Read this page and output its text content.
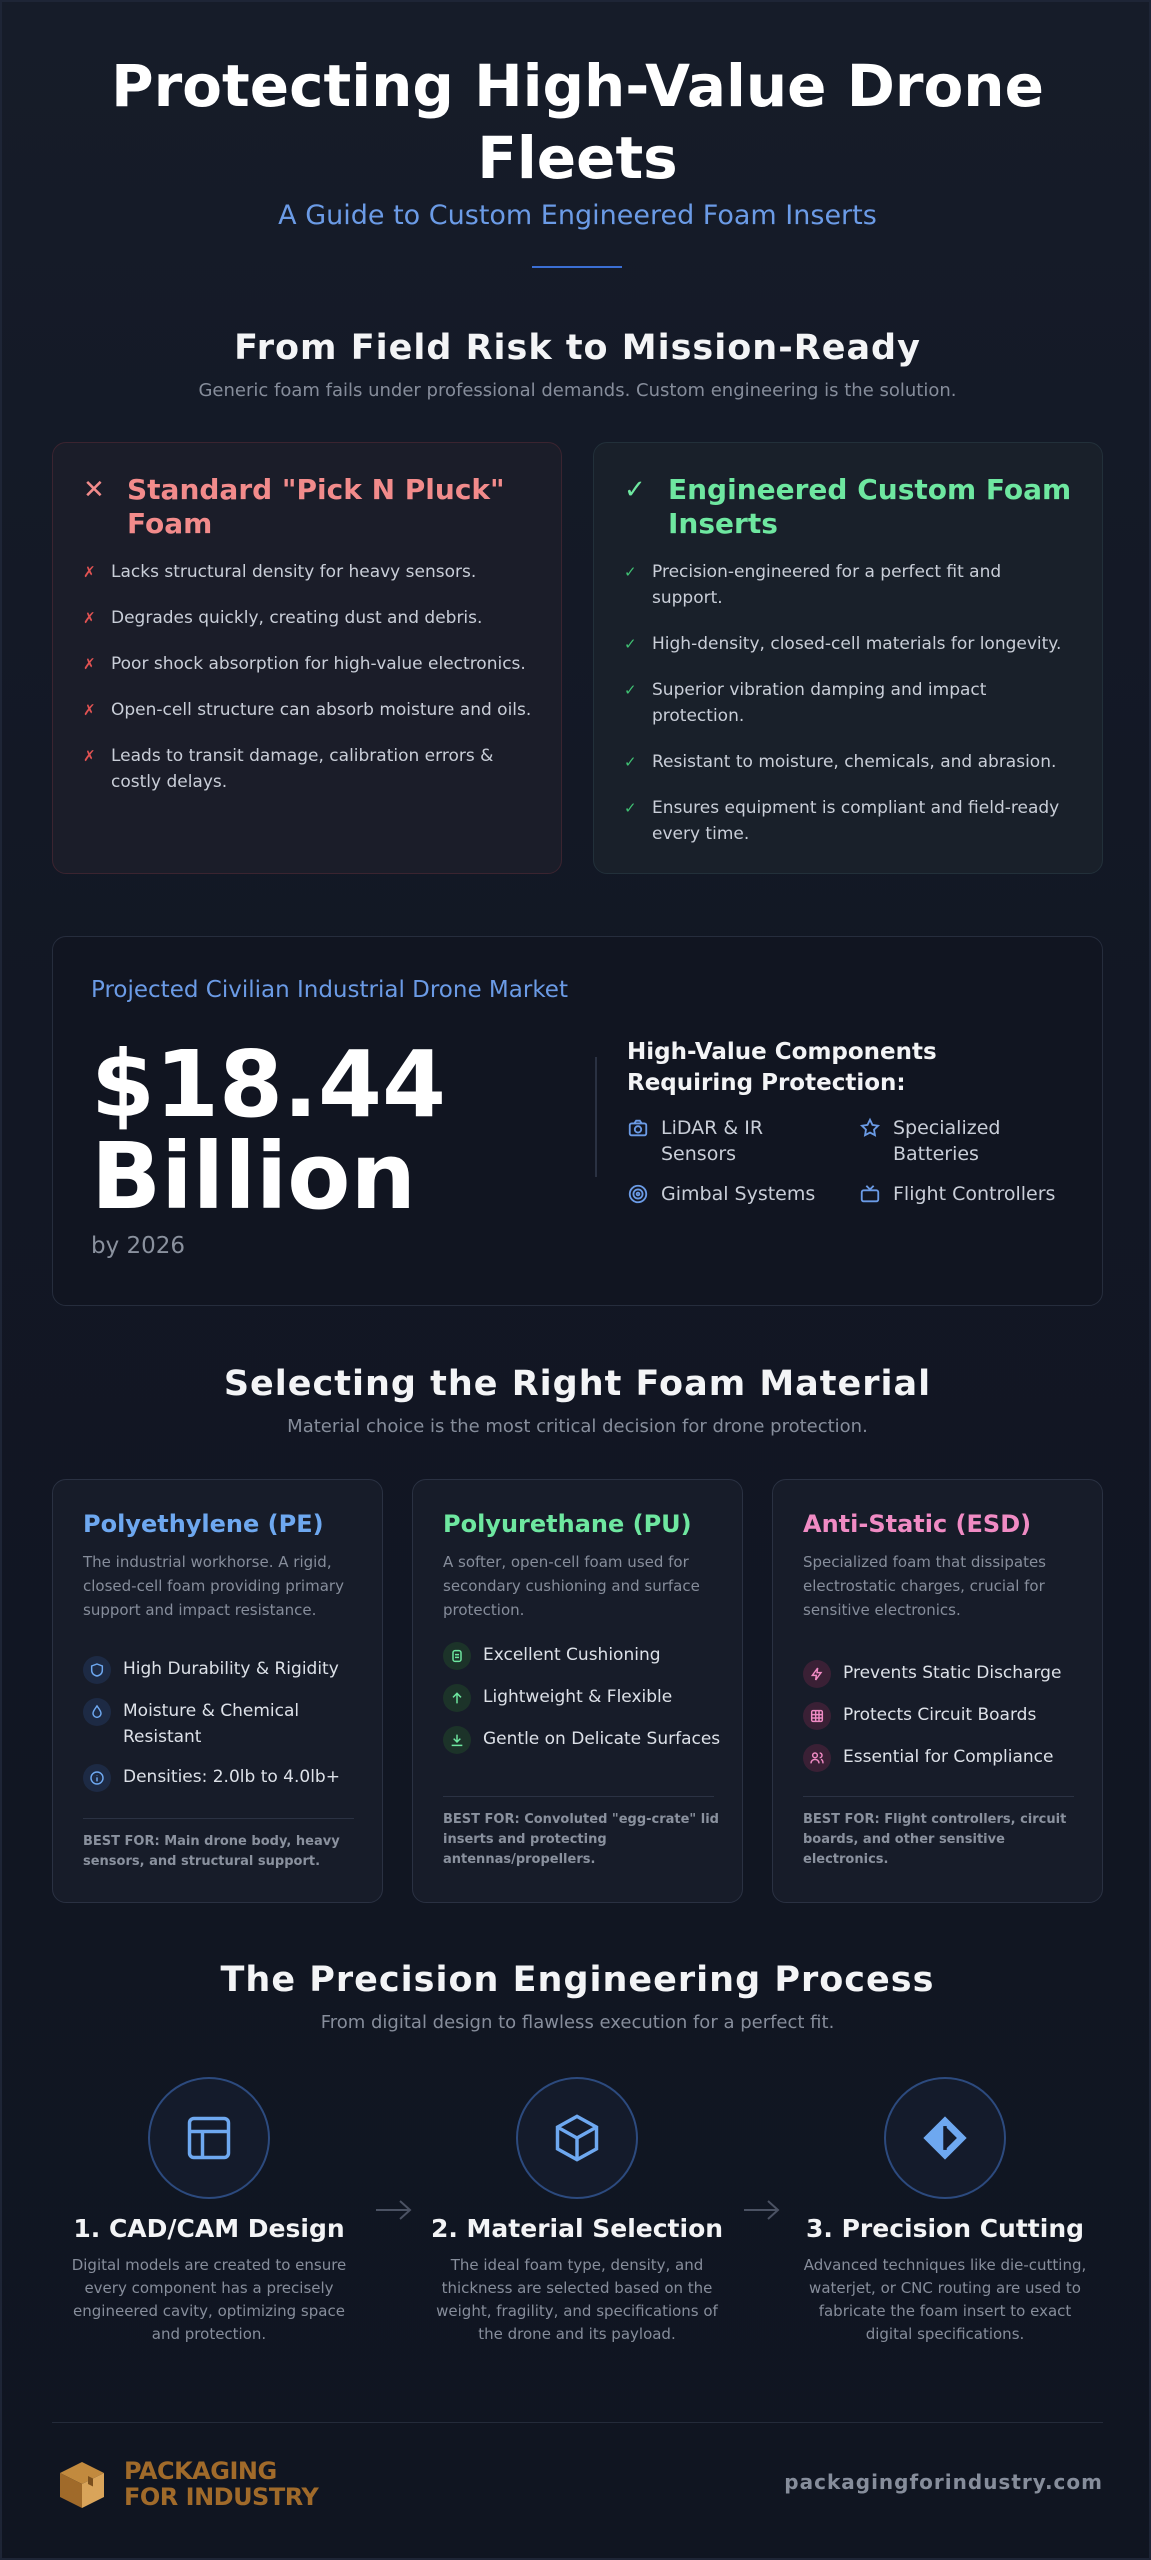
Protecting High-Value Drone Fleets
A Guide to Custom Engineered Foam Inserts
From Field Risk to Mission-Ready
Generic foam fails under professional demands. Custom engineering is the solution.
✕ Standard "Pick N Pluck" Foam
✗ Lacks structural density for heavy sensors.
✗ Degrades quickly, creating dust and debris.
✗ Poor shock absorption for high-value electronics.
✗ Open-cell structure can absorb moisture and oils.
✗ Leads to transit damage, calibration errors & costly delays.
✓ Engineered Custom Foam Inserts
✓ Precision-engineered for a perfect fit and support.
✓ High-density, closed-cell materials for longevity.
✓ Superior vibration damping and impact protection.
✓ Resistant to moisture, chemicals, and abrasion.
✓ Ensures equipment is compliant and field-ready every time.
Projected Civilian Industrial Drone Market
$18.44 Billion
by 2026
High-Value Components Requiring Protection:
LiDAR & IR Sensors
Specialized Batteries
Gimbal Systems	Flight Controllers
Selecting the Right Foam Material
Material choice is the most critical decision for drone protection.
Polyethylene (PE)
The industrial workhorse. A rigid, closed-cell foam providing primary support and impact resistance.
High Durability & Rigidity
Moisture & Chemical Resistant
Densities: 2.0lb to 4.0lb+
BEST FOR: Main drone body, heavy sensors, and structural support.
Polyurethane (PU)
A softer, open-cell foam used for secondary cushioning and surface protection.
Excellent Cushioning
Lightweight & Flexible
Gentle on Delicate Surfaces
BEST FOR: Convoluted "egg-crate" lid inserts and protecting antennas/propellers.
Anti-Static (ESD)
Specialized foam that dissipates electrostatic charges, crucial for sensitive electronics.
Prevents Static Discharge
Protects Circuit Boards
Essential for Compliance
BEST FOR: Flight controllers, circuit boards, and other sensitive electronics.
The Precision Engineering Process
From digital design to flawless execution for a perfect fit.
1. CAD/CAM Design
Digital models are created to ensure every component has a precisely engineered cavity, optimizing space and protection.
2. Material Selection
The ideal foam type, density, and thickness are selected based on the weight, fragility, and specifications of the drone and its payload.
3. Precision Cutting
Advanced techniques like die-cutting, waterjet, or CNC routing are used to fabricate the foam insert to exact digital specifications.
PACKAGING
FOR INDUSTRY
packagingforindustry.com
